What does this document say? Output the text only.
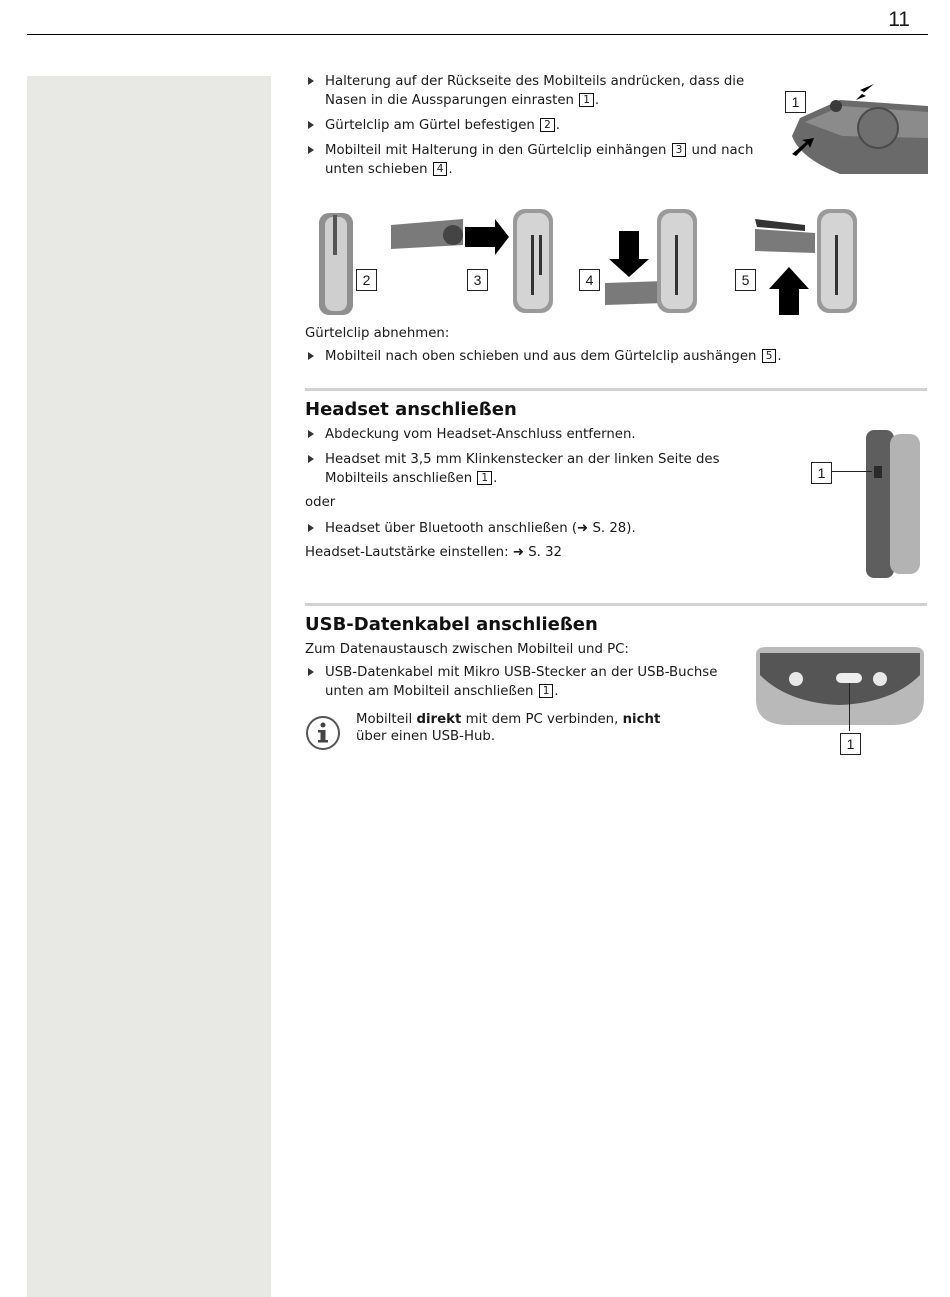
11
Halterung auf der Rückseite des Mobilteils andrücken, dass die Nasen in die Aussparungen einrasten 1 .
Gürtelclip am Gürtel befestigen 2 .
Mobilteil mit Halterung in den Gürtelclip einhängen 3 und nach unten schieben 4 .
1
2	3	4	5
Gürtelclip abnehmen:
Mobilteil nach oben schieben und aus dem Gürtelclip aushängen 5 .
Headset anschließen
Abdeckung vom Headset-Anschluss entfernen.
Headset mit 3,5 mm Klinkenstecker an der linken Seite des Mobilteils anschließen 1 .
oder
Headset über Bluetooth anschließen (➜ S. 28).
Headset-Lautstärke einstellen: ➜ S. 32
1
USB-Datenkabel anschließen
Zum Datenaustausch zwischen Mobilteil und PC:
USB-Datenkabel mit Mikro USB-Stecker an der USB-Buchse unten am Mobilteil anschließen 1 .
Mobilteil direkt mit dem PC verbinden, nicht über einen USB-Hub.	1
